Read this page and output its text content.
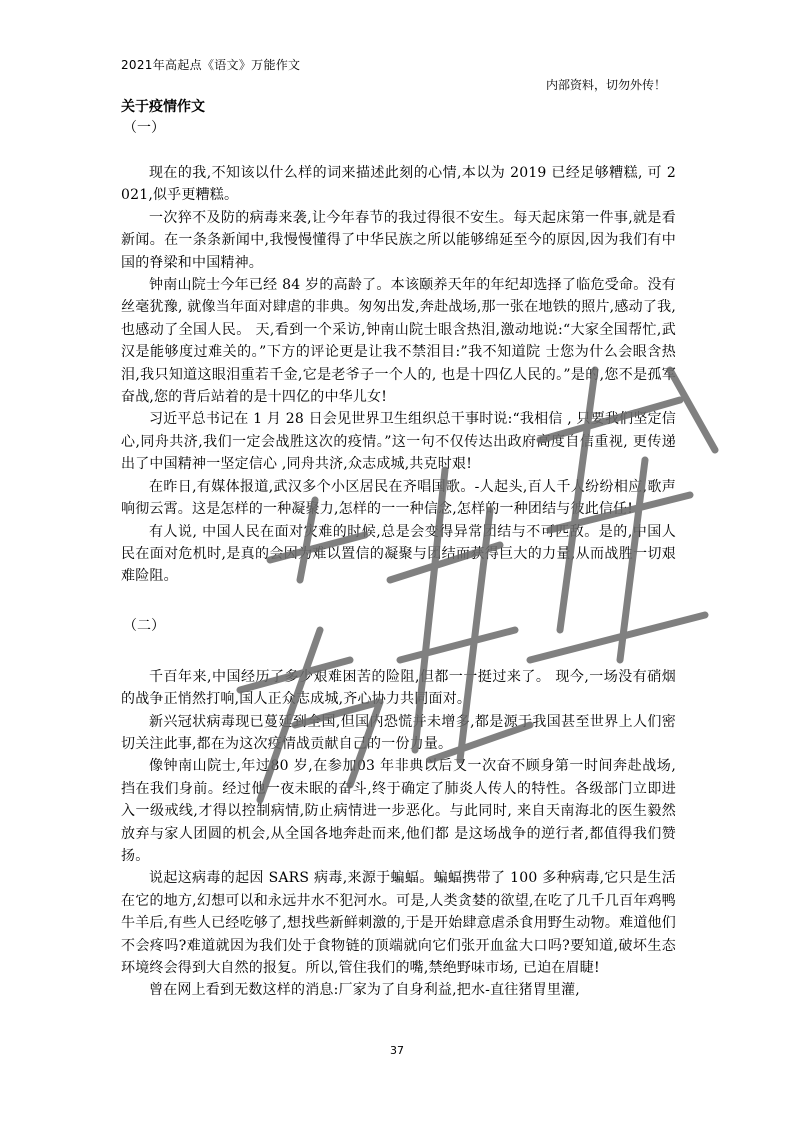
2021年高起点《语文》万能作文
内部资料，切勿外传！
关于疫情作文
（一）

现在的我,不知该以什么样的词来描述此刻的心情,本以为 2019 已经足够糟糕, 可 2021,似乎更糟糕。

一次猝不及防的病毒来袭,让今年春节的我过得很不安生。每天起床第一件事,就是看新闻。在一条条新闻中,我慢慢懂得了中华民族之所以能够绵延至今的原因,因为我们有中国的脊梁和中国精神。

钟南山院士今年已经 84 岁的高龄了。本该颐养天年的年纪却选择了临危受命。没有丝毫犹豫, 就像当年面对肆虐的非典。匆匆出发,奔赴战场,那一张在地铁的照片,感动了我,也感动了全国人民。 天,看到一个采访,钟南山院士眼含热泪,激动地说:“大家全国帮忙,武汉是能够度过难关的。”下方的评论更是让我不禁泪目:”我不知道院 士您为什么会眼含热泪,我只知道这眼泪重若千金,它是老爷子一个人的, 也是十四亿人民的。”是的,您不是孤军奋战,您的背后站着的是十四亿的中华儿女!

习近平总书记在 1 月 28 日会见世界卫生组织总干事时说:“我相信 , 只要我们坚定信心,同舟共济,我们一定会战胜这次的疫情。”这一句不仅传达出政府高度自信重视, 更传递出了中国精神一坚定信心 ,同舟共济,众志成城,共克时艰!

在昨日,有媒体报道,武汉多个小区居民在齐唱国歌。-人起头,百人千人纷纷相应,歌声响彻云霄。这是怎样的一种凝聚力,怎样的一一种信念,怎样的一种团结与彼此信任!

有人说, 中国人民在面对灾难的时候,总是会变得异常团结与不可匹敌。是的,中国人民在面对危机时,是真的会因为难以置信的凝聚与团结而获得巨大的力量,从而战胜一切艰难险阻。

（二）

千百年来,中国经历了多少艰难困苦的险阻,但都一一挺过来了。 现今,一场没有硝烟的战争正悄然打响,国人正众志成城,齐心协力共同面对。

新兴冠状病毒现已蔓延到全国,但国内恐慌并未增多,都是源于我国甚至世界上人们密切关注此事,都在为这次疫情战贡献自己的一份力量。

像钟南山院士,年过80 岁,在参加03 年非典以后又一次奋不顾身第一时间奔赴战场,挡在我们身前。经过他一夜未眠的奋斗,终于确定了肺炎人传人的特性。各级部门立即进入一级戒线,才得以控制病情,防止病情进一步恶化。与此同时, 来自天南海北的医生毅然放弃与家人团圆的机会,从全国各地奔赴而来,他们都 是这场战争的逆行者,都值得我们赞扬。

说起这病毒的起因 SARS 病毒,来源于蝙蝠。蝙蝠携带了 100 多种病毒,它只是生活在它的地方,幻想可以和永远井水不犯河水。可是,人类贪婪的欲望,在吃了几千几百年鸡鸭牛羊后,有些人已经吃够了,想找些新鲜刺激的,于是开始肆意虐杀食用野生动物。难道他们不会疼吗?难道就因为我们处于食物链的顶端就向它们张开血盆大口吗?要知道,破坏生态环境终会得到大自然的报复。所以,管住我们的嘴,禁绝野味市场, 已迫在眉睫!

曾在网上看到无数这样的消息:厂家为了自身利益,把水-直往猪胃里灌,

37
